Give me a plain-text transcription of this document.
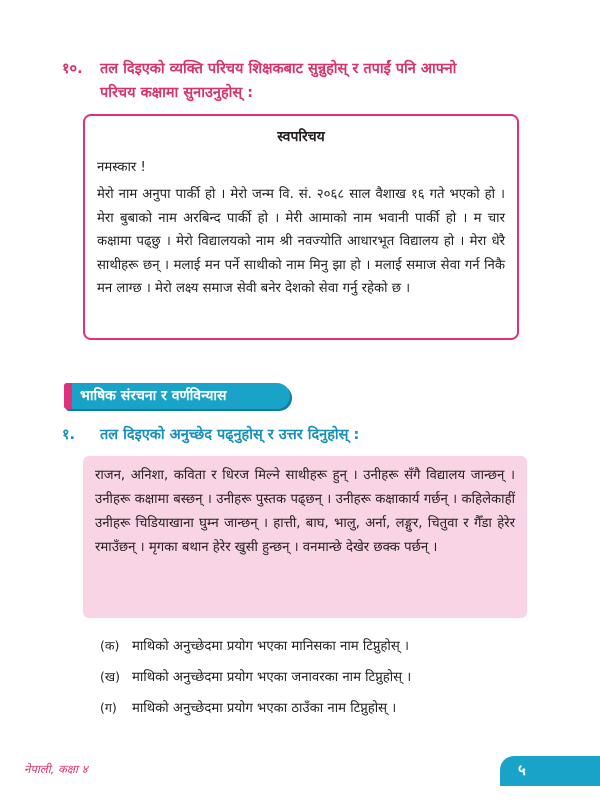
१०. तल दिइएको व्यक्ति परिचय शिक्षकबाट सुन्नुहोस् र तपाईं पनि आफ्नो
परिचय कक्षामा सुनाउनुहोस् :
स्वपरिचय
नमस्कार !
मेरो नाम अनुपा पार्की हो । मेरो जन्म वि. सं. २०६८ साल वैशाख १६ गते भएको हो । मेरा बुबाको नाम अरबिन्द पार्की हो । मेरी आमाको नाम भवानी पार्की हो । म चार कक्षामा पढ्छु । मेरो विद्यालयको नाम श्री नवज्योति आधारभूत विद्यालय हो । मेरा धेरै साथीहरू छन् । मलाई मन पर्ने साथीको नाम मिनु झा हो । मलाई समाज सेवा गर्न निकै मन लाग्छ । मेरो लक्ष्य समाज सेवी बनेर देशको सेवा गर्नु रहेको छ ।
भाषिक संरचना र वर्णविन्यास
१. तल दिइएको अनुच्छेद पढ्नुहोस् र उत्तर दिनुहोस् :
राजन, अनिशा, कविता र धिरज मिल्ने साथीहरू हुन् । उनीहरू सँगै विद्यालय जान्छन् । उनीहरू कक्षामा बस्छन् । उनीहरू पुस्तक पढ्छन् । उनीहरू कक्षाकार्य गर्छन् । कहिलेकाहीं उनीहरू चिडियाखाना घुम्न जान्छन् । हात्ती, बाघ, भालु, अर्ना, लङ्गुर, चितुवा र गैँडा हेरेर रमाउँछन् । मृगका बथान हेरेर खुसी हुन्छन् । वनमान्छे देखेर छक्क पर्छन् ।
(क) माथिको अनुच्छेदमा प्रयोग भएका मानिसका नाम टिप्नुहोस् ।
(ख) माथिको अनुच्छेदमा प्रयोग भएका जनावरका नाम टिप्नुहोस् ।
(ग) माथिको अनुच्छेदमा प्रयोग भएका ठाउँका नाम टिप्नुहोस् ।
नेपाली, कक्षा ४	५
